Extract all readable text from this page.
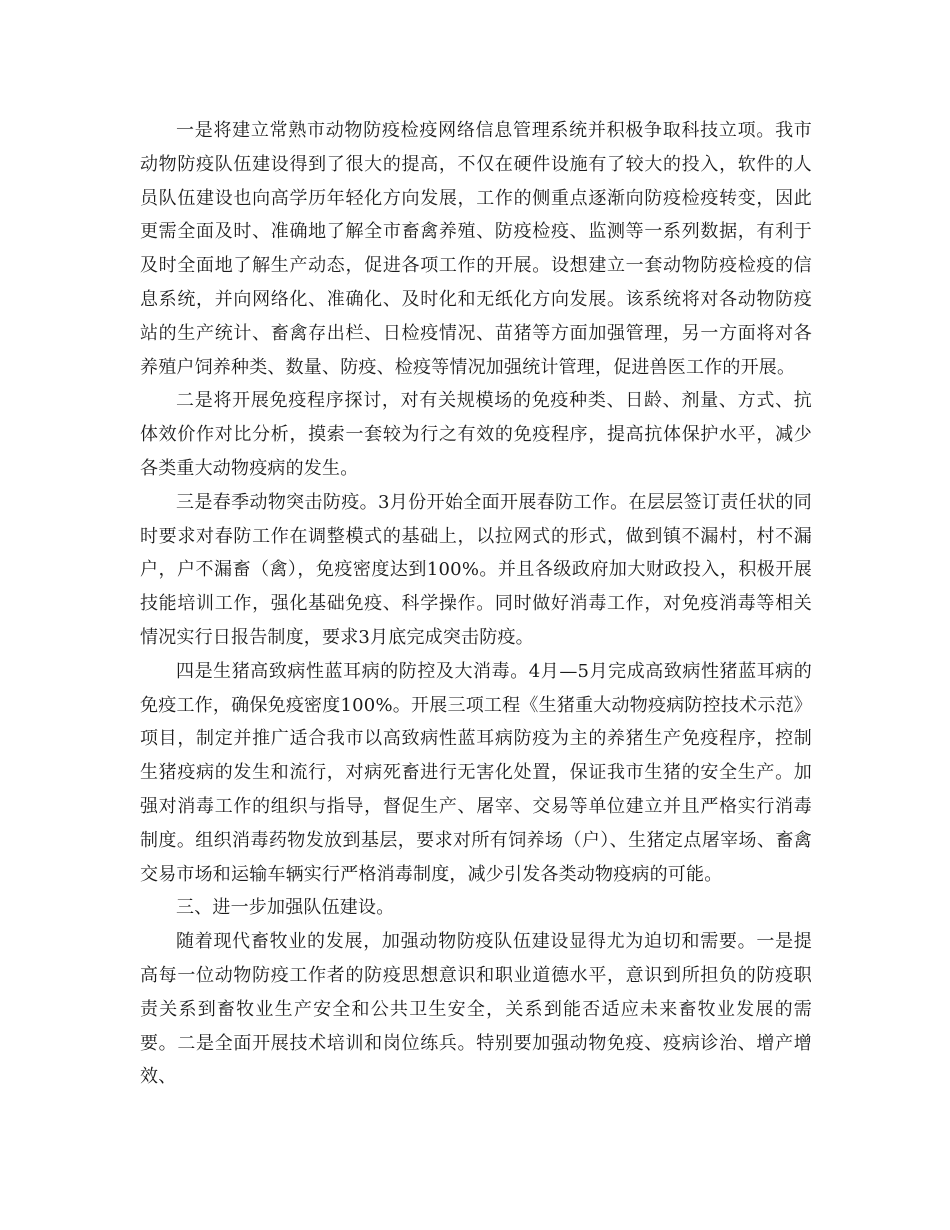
一是将建立常熟市动物防疫检疫网络信息管理系统并积极争取科技立项。我市动物防疫队伍建设得到了很大的提高，不仅在硬件设施有了较大的投入，软件的人员队伍建设也向高学历年轻化方向发展，工作的侧重点逐渐向防疫检疫转变，因此更需全面及时、准确地了解全市畜禽养殖、防疫检疫、监测等一系列数据，有利于及时全面地了解生产动态，促进各项工作的开展。设想建立一套动物防疫检疫的信息系统，并向网络化、准确化、及时化和无纸化方向发展。该系统将对各动物防疫站的生产统计、畜禽存出栏、日检疫情况、苗猪等方面加强管理，另一方面将对各养殖户饲养种类、数量、防疫、检疫等情况加强统计管理，促进兽医工作的开展。

二是将开展免疫程序探讨，对有关规模场的免疫种类、日龄、剂量、方式、抗体效价作对比分析，摸索一套较为行之有效的免疫程序，提高抗体保护水平，减少各类重大动物疫病的发生。

三是春季动物突击防疫。3月份开始全面开展春防工作。在层层签订责任状的同时要求对春防工作在调整模式的基础上，以拉网式的形式，做到镇不漏村，村不漏户，户不漏畜（禽），免疫密度达到100%。并且各级政府加大财政投入，积极开展技能培训工作，强化基础免疫、科学操作。同时做好消毒工作，对免疫消毒等相关情况实行日报告制度，要求3月底完成突击防疫。

四是生猪高致病性蓝耳病的防控及大消毒。4月—5月完成高致病性猪蓝耳病的免疫工作，确保免疫密度100%。开展三项工程《生猪重大动物疫病防控技术示范》项目，制定并推广适合我市以高致病性蓝耳病防疫为主的养猪生产免疫程序，控制生猪疫病的发生和流行，对病死畜进行无害化处置，保证我市生猪的安全生产。加强对消毒工作的组织与指导，督促生产、屠宰、交易等单位建立并且严格实行消毒制度。组织消毒药物发放到基层，要求对所有饲养场（户）、生猪定点屠宰场、畜禽交易市场和运输车辆实行严格消毒制度，减少引发各类动物疫病的可能。

三、进一步加强队伍建设。

随着现代畜牧业的发展，加强动物防疫队伍建设显得尤为迫切和需要。一是提高每一位动物防疫工作者的防疫思想意识和职业道德水平，意识到所担负的防疫职责关系到畜牧业生产安全和公共卫生安全，关系到能否适应未来畜牧业发展的需要。二是全面开展技术培训和岗位练兵。特别要加强动物免疫、疫病诊治、增产增效、
